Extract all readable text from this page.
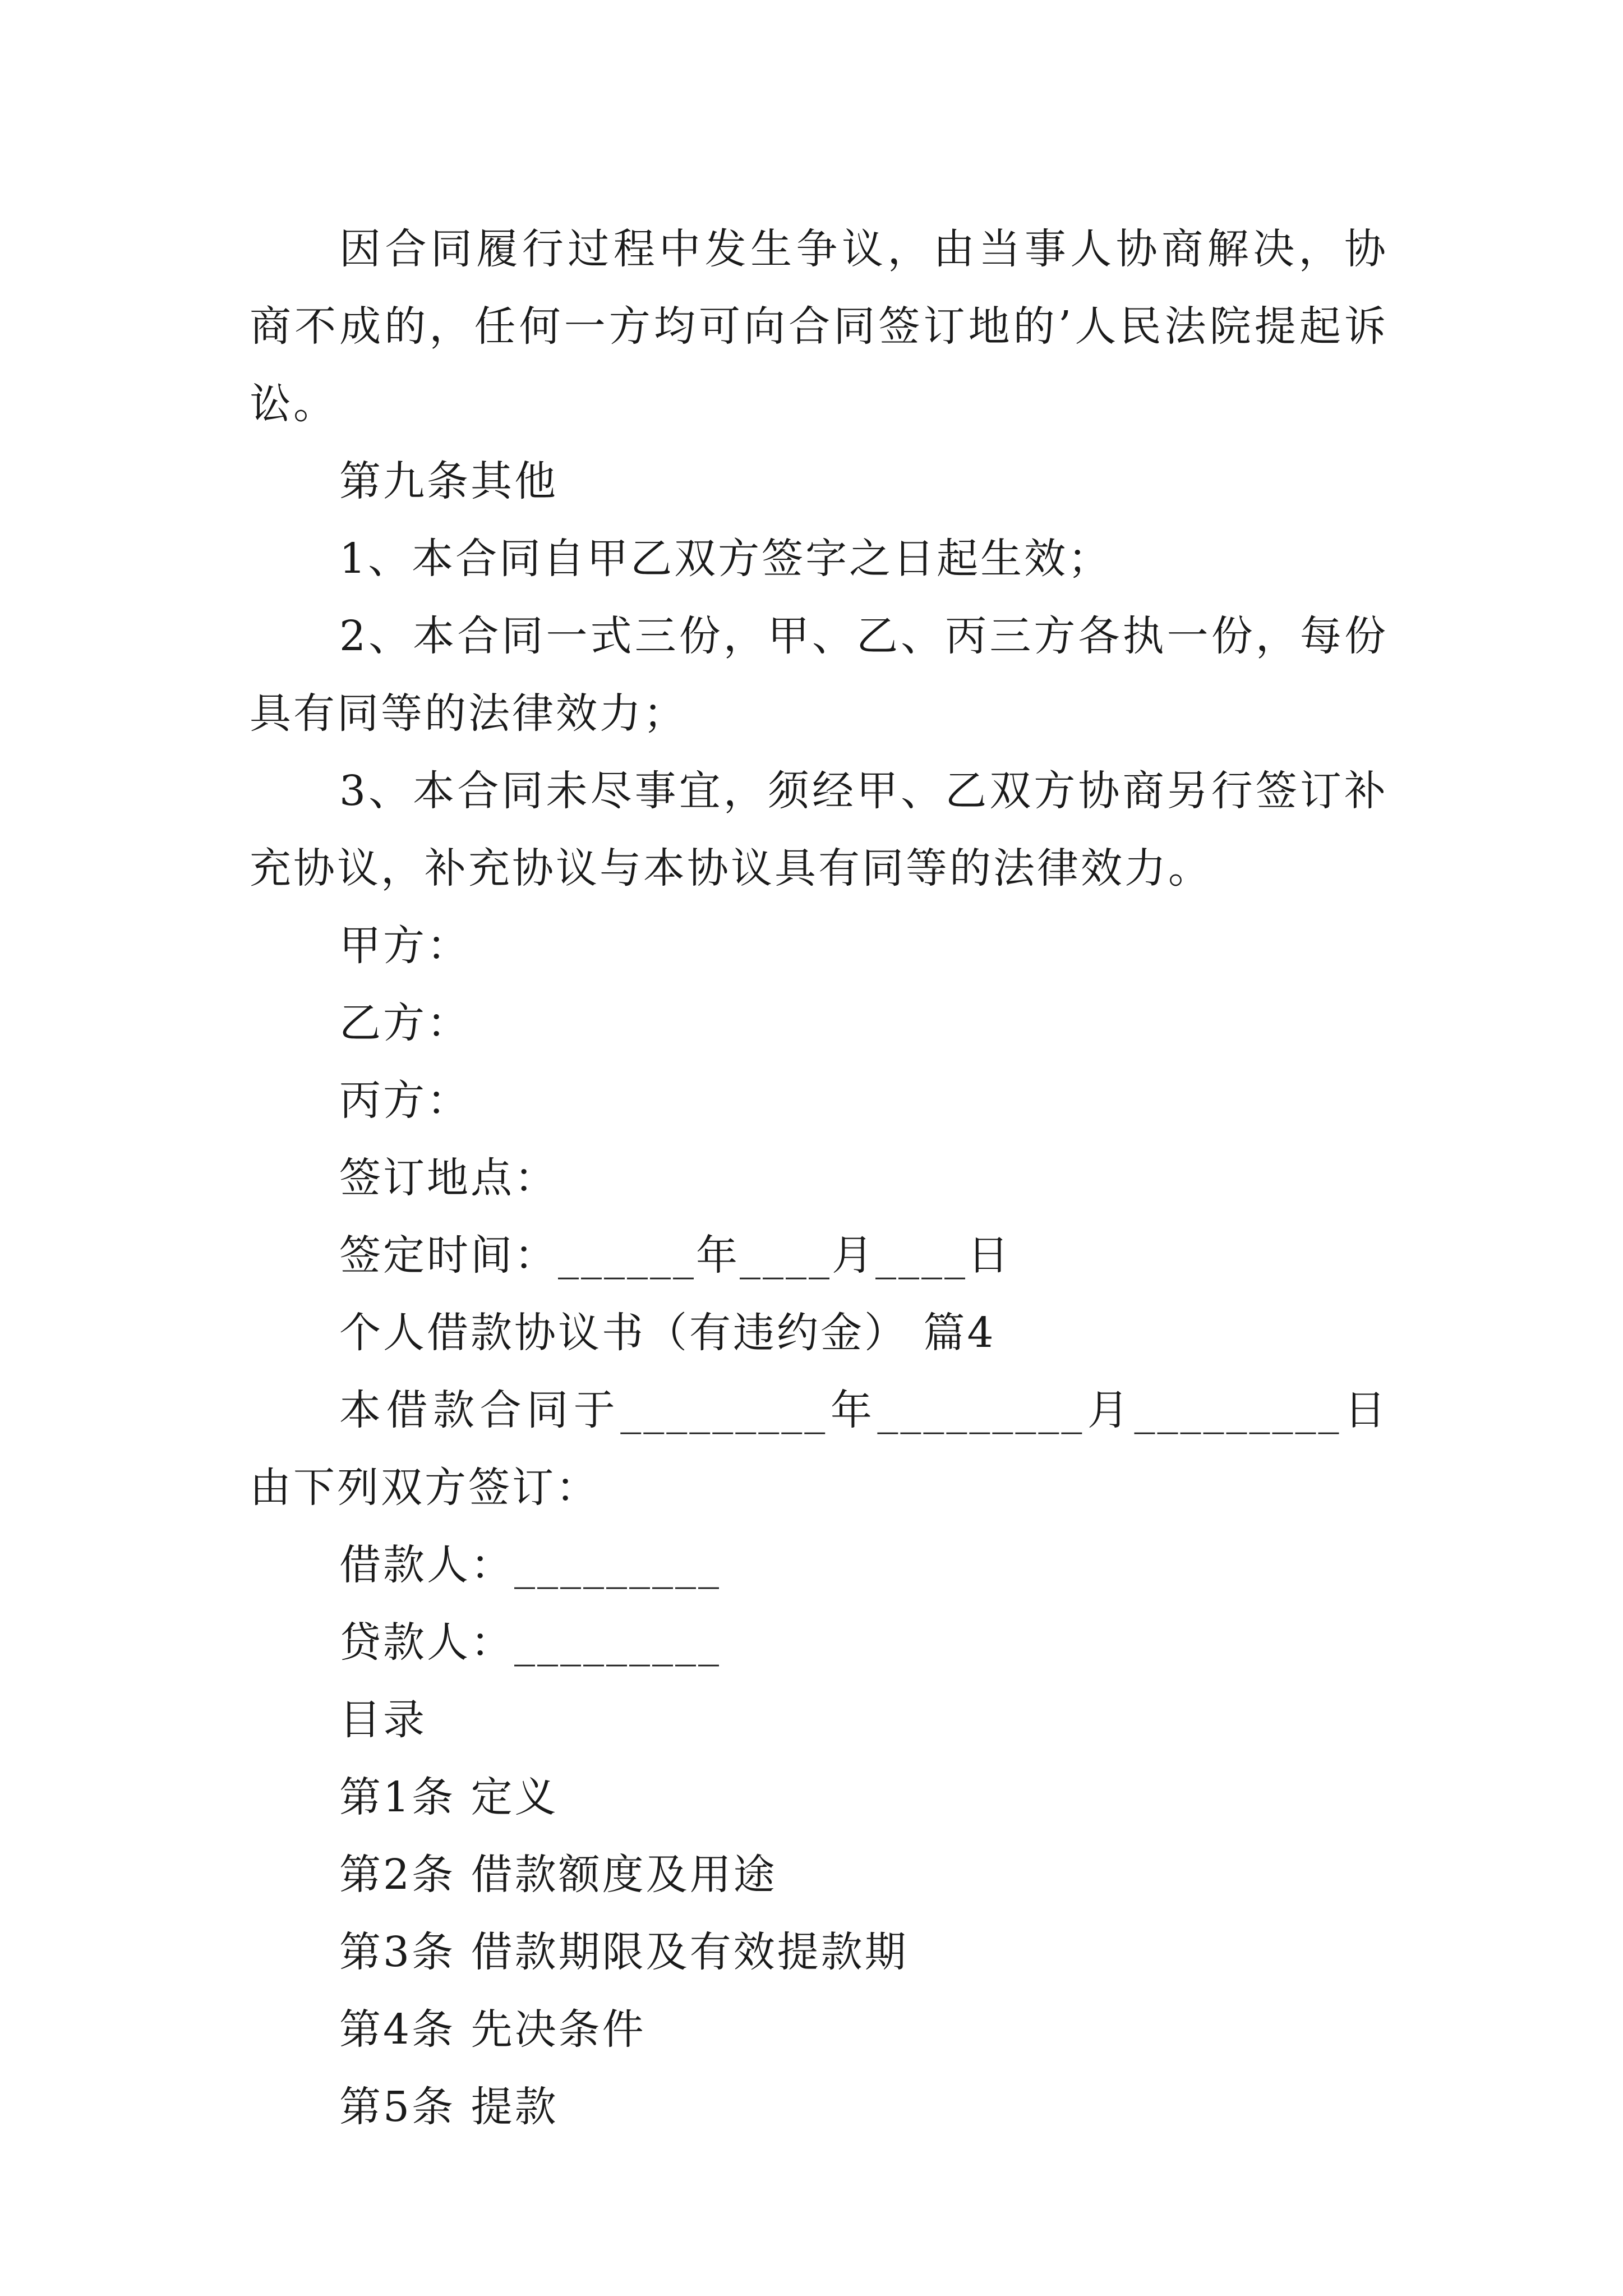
因合同履行过程中发生争议，由当事人协商解决，协商不成的，任何一方均可向合同签订地的’人民法院提起诉讼。

第九条其他

1、本合同自甲乙双方签字之日起生效；

2、本合同一式三份，甲、乙、丙三方各执一份，每份具有同等的法律效力；

3、本合同未尽事宜，须经甲、乙双方协商另行签订补充协议，补充协议与本协议具有同等的法律效力。

甲方：

乙方：

丙方：

签订地点：

签定时间：______年____月____日

个人借款协议书（有违约金） 篇4

本借款合同于_________年_________月_________日由下列双方签订：

借款人：_________

贷款人：_________

目录

第1条 定义

第2条 借款额度及用途

第3条 借款期限及有效提款期

第4条 先决条件

第5条 提款
